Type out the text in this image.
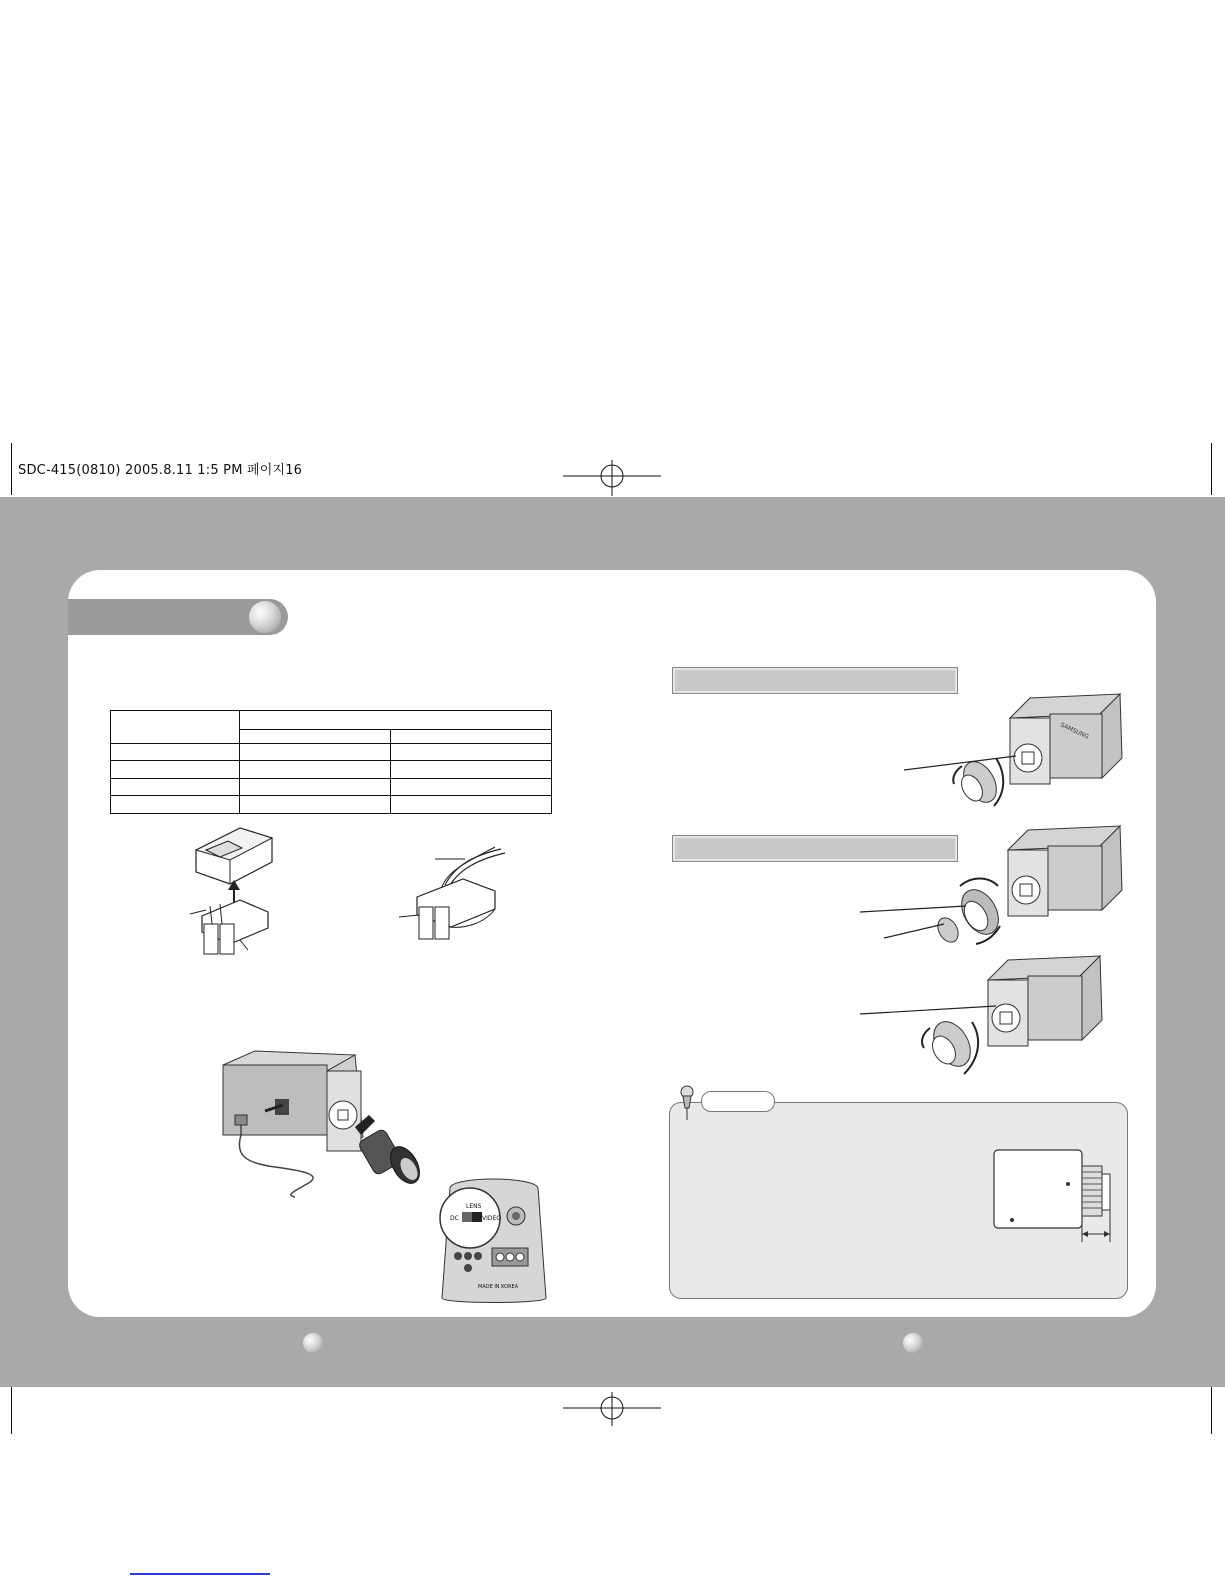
SDC-415(0810) 2005.8.11 1:5 PM 페이지16

LENS
DC	VIDEO
MADE IN KOREA
SAMSUNG
